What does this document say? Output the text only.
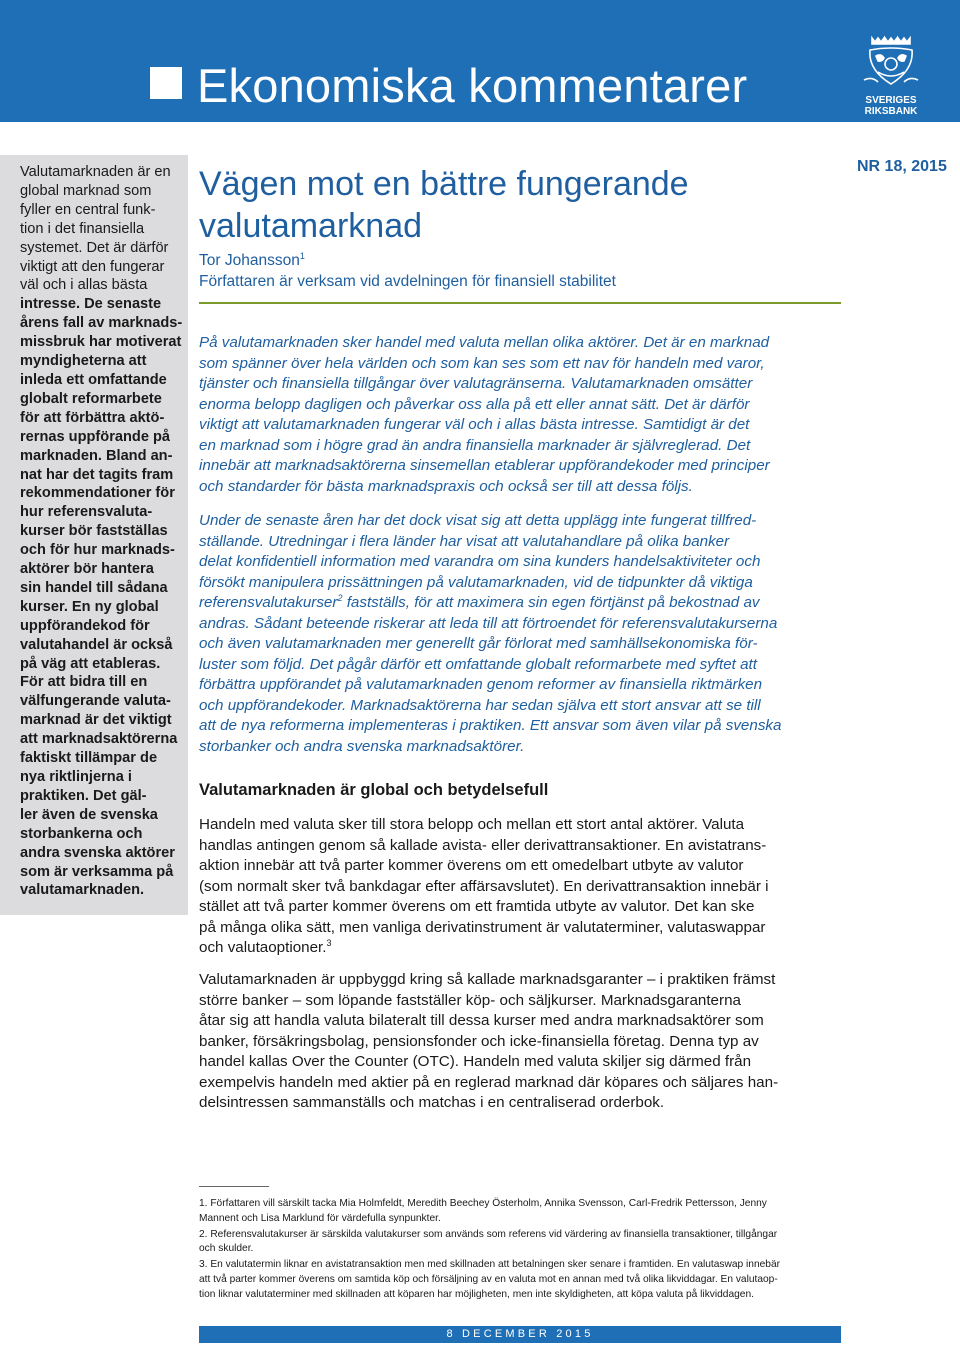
Ekonomiska kommentarer	SVERIGES
RIKSBANK
Valutamarknaden är en
global marknad som
fyller en central funk-
tion i det finansiella
systemet. Det är därför
viktigt att den fungerar
väl och i allas bästa
intresse. De senaste
årens fall av marknads-
missbruk har motiverat
myndigheterna att
inleda ett omfattande
globalt reformarbete
för att förbättra aktö-
rernas uppförande på
marknaden. Bland an-
nat har det tagits fram
rekommendationer för
hur referensvaluta-
kurser bör fastställas
och för hur marknads-
aktörer bör hantera
sin handel till sådana
kurser. En ny global
uppförandekod för
valutahandel är också
på väg att etableras.
För att bidra till en
välfungerande valuta-
marknad är det viktigt
att marknadsaktörerna
faktiskt tillämpar de
nya riktlinjerna i
praktiken. Det gäl-
ler även de svenska
storbankerna och
andra svenska aktörer
som är verksamma på
valutamarknaden.
Vägen mot en bättre fungerande
valutamarknad
NR 18, 2015
Tor Johansson$^1$
Författaren är verksam vid avdelningen för finansiell stabilitet
På valutamarknaden sker handel med valuta mellan olika aktörer. Det är en marknad
som spänner över hela världen och som kan ses som ett nav för handeln med varor,
tjänster och finansiella tillgångar över valutagränserna. Valutamarknaden omsätter
enorma belopp dagligen och påverkar oss alla på ett eller annat sätt. Det är därför
viktigt att valutamarknaden fungerar väl och i allas bästa intresse. Samtidigt är det
en marknad som i högre grad än andra finansiella marknader är självreglerad. Det
innebär att marknadsaktörerna sinsemellan etablerar uppförandekoder med principer
och standarder för bästa marknadspraxis och också ser till att dessa följs.
Under de senaste åren har det dock visat sig att detta upplägg inte fungerat tillfred-
ställande. Utredningar i flera länder har visat att valutahandlare på olika banker
delat konfidentiell information med varandra om sina kunders handelsaktiviteter och
försökt manipulera prissättningen på valutamarknaden, vid de tidpunkter då viktiga
referensvalutakurser$^2$ fastställs, för att maximera sin egen förtjänst på bekostnad av
andras. Sådant beteende riskerar att leda till att förtroendet för referensvalutakurserna
och även valutamarknaden mer generellt går förlorat med samhällsekonomiska för-
luster som följd. Det pågår därför ett omfattande globalt reformarbete med syftet att
förbättra uppförandet på valutamarknaden genom reformer av finansiella riktmärken
och uppförandekoder. Marknadsaktörerna har sedan själva ett stort ansvar att se till
att de nya reformerna implementeras i praktiken. Ett ansvar som även vilar på svenska
storbanker och andra svenska marknadsaktörer.
Valutamarknaden är global och betydelsefull
Handeln med valuta sker till stora belopp och mellan ett stort antal aktörer. Valuta
handlas antingen genom så kallade avista- eller derivattransaktioner. En avistatrans-
aktion innebär att två parter kommer överens om ett omedelbart utbyte av valutor
(som normalt sker två bankdagar efter affärsavslutet). En derivattransaktion innebär i
stället att två parter kommer överens om ett framtida utbyte av valutor. Det kan ske
på många olika sätt, men vanliga derivatinstrument är valutaterminer, valutaswappar
och valutaoptioner.$^3$
Valutamarknaden är uppbyggd kring så kallade marknadsgaranter – i praktiken främst
större banker – som löpande fastställer köp- och säljkurser. Marknadsgaranterna
åtar sig att handla valuta bilateralt till dessa kurser med andra marknadsaktörer som
banker, försäkringsbolag, pensionsfonder och icke-finansiella företag. Denna typ av
handel kallas Over the Counter (OTC). Handeln med valuta skiljer sig därmed från
exempelvis handeln med aktier på en reglerad marknad där köpares och säljares han-
delsintressen sammanställs och matchas i en centraliserad orderbok.
1. Författaren vill särskilt tacka Mia Holmfeldt, Meredith Beechey Österholm, Annika Svensson, Carl-Fredrik Pettersson, Jenny
Mannent och Lisa Marklund för värdefulla synpunkter.
2. Referensvalutakurser är särskilda valutakurser som används som referens vid värdering av finansiella transaktioner, tillgångar
och skulder.
3. En valutatermin liknar en avistatransaktion men med skillnaden att betalningen sker senare i framtiden. En valutaswap innebär
att två parter kommer överens om samtida köp och försäljning av en valuta mot en annan med två olika likviddagar. En valutaop-
tion liknar valutaterminer med skillnaden att köparen har möjligheten, men inte skyldigheten, att köpa valuta på likviddagen.
8 DECEMBER 2015
